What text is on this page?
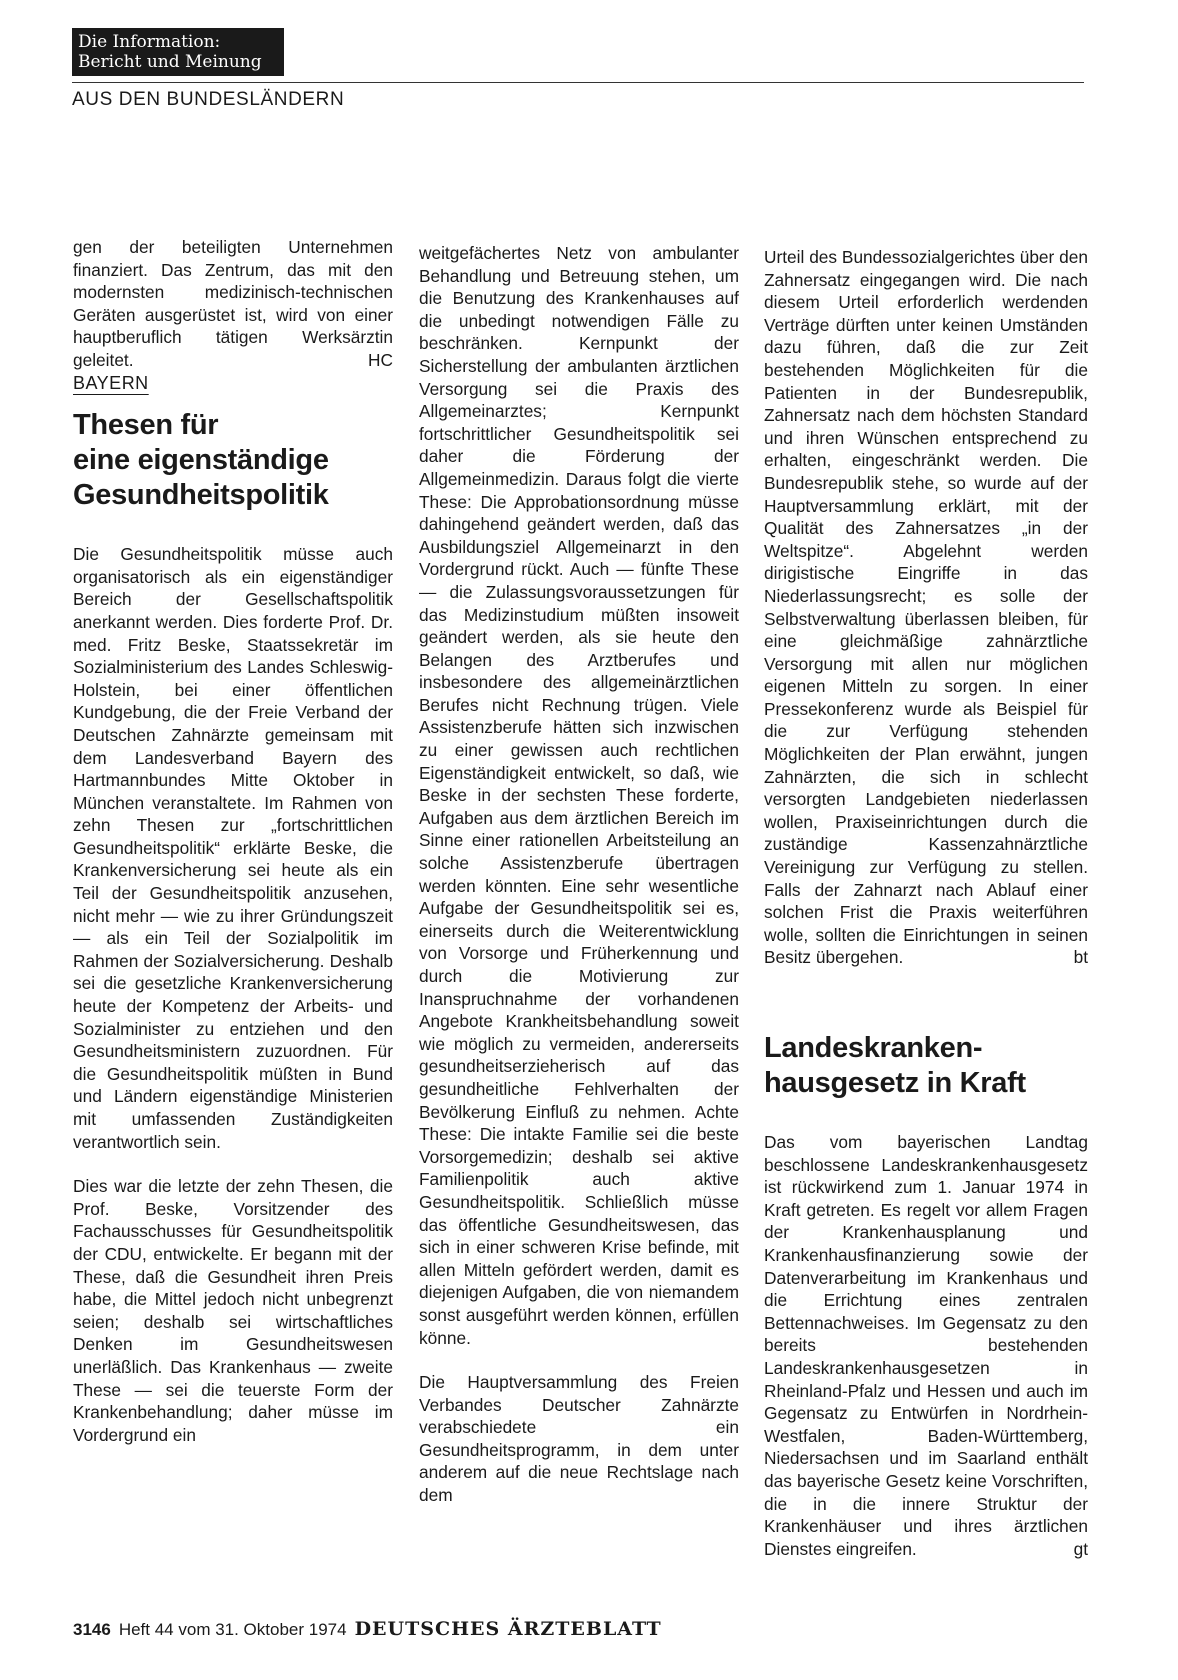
Die Information:
Bericht und Meinung
AUS DEN BUNDESLÄNDERN

gen der beteiligten Unternehmen finanziert. Das Zentrum, das mit den modernsten medizinisch-technischen Geräten ausgerüstet ist, wird von einer hauptberuflich tätigen Werksärztin geleitet.	HC

BAYERN

Thesen für
eine eigenständige
Gesundheitspolitik

Die Gesundheitspolitik müsse auch organisatorisch als ein eigenständiger Bereich der Gesellschaftspolitik anerkannt werden. Dies forderte Prof. Dr. med. Fritz Beske, Staatssekretär im Sozialministerium des Landes Schleswig-Holstein, bei einer öffentlichen Kundgebung, die der Freie Verband der Deutschen Zahnärzte gemeinsam mit dem Landesverband Bayern des Hartmannbundes Mitte Oktober in München veranstaltete. Im Rahmen von zehn Thesen zur „fortschrittlichen Gesundheitspolitik“ erklärte Beske, die Krankenversicherung sei heute als ein Teil der Gesundheitspolitik anzusehen, nicht mehr — wie zu ihrer Gründungszeit — als ein Teil der Sozialpolitik im Rahmen der Sozialversicherung. Deshalb sei die gesetzliche Krankenversicherung heute der Kompetenz der Arbeits- und Sozialminister zu entziehen und den Gesundheitsministern zuzuordnen. Für die Gesundheitspolitik müßten in Bund und Ländern eigenständige Ministerien mit umfassenden Zuständigkeiten verantwortlich sein.

Dies war die letzte der zehn Thesen, die Prof. Beske, Vorsitzender des Fachausschusses für Gesundheitspolitik der CDU, entwickelte. Er begann mit der These, daß die Gesundheit ihren Preis habe, die Mittel jedoch nicht unbegrenzt seien; deshalb sei wirtschaftliches Denken im Gesundheitswesen unerläßlich. Das Krankenhaus — zweite These — sei die teuerste Form der Krankenbehandlung; daher müsse im Vordergrund ein

weitgefächertes Netz von ambulanter Behandlung und Betreuung stehen, um die Benutzung des Krankenhauses auf die unbedingt notwendigen Fälle zu beschränken. Kernpunkt der Sicherstellung der ambulanten ärztlichen Versorgung sei die Praxis des Allgemeinarztes; Kernpunkt fortschrittlicher Gesundheitspolitik sei daher die Förderung der Allgemeinmedizin. Daraus folgt die vierte These: Die Approbationsordnung müsse dahingehend geändert werden, daß das Ausbildungsziel Allgemeinarzt in den Vordergrund rückt. Auch — fünfte These — die Zulassungsvoraussetzungen für das Medizinstudium müßten insoweit geändert werden, als sie heute den Belangen des Arztberufes und insbesondere des allgemeinärztlichen Berufes nicht Rechnung trügen. Viele Assistenzberufe hätten sich inzwischen zu einer gewissen auch rechtlichen Eigenständigkeit entwickelt, so daß, wie Beske in der sechsten These forderte, Aufgaben aus dem ärztlichen Bereich im Sinne einer rationellen Arbeitsteilung an solche Assistenzberufe übertragen werden könnten. Eine sehr wesentliche Aufgabe der Gesundheitspolitik sei es, einerseits durch die Weiterentwicklung von Vorsorge und Früherkennung und durch die Motivierung zur Inanspruchnahme der vorhandenen Angebote Krankheitsbehandlung soweit wie möglich zu vermeiden, andererseits gesundheitserzieherisch auf das gesundheitliche Fehlverhalten der Bevölkerung Einfluß zu nehmen. Achte These: Die intakte Familie sei die beste Vorsorgemedizin; deshalb sei aktive Familienpolitik auch aktive Gesundheitspolitik. Schließlich müsse das öffentliche Gesundheitswesen, das sich in einer schweren Krise befinde, mit allen Mitteln gefördert werden, damit es diejenigen Aufgaben, die von niemandem sonst ausgeführt werden können, erfüllen könne.

Die Hauptversammlung des Freien Verbandes Deutscher Zahnärzte verabschiedete ein Gesundheitsprogramm, in dem unter anderem auf die neue Rechtslage nach dem

Urteil des Bundessozialgerichtes über den Zahnersatz eingegangen wird. Die nach diesem Urteil erforderlich werdenden Verträge dürften unter keinen Umständen dazu führen, daß die zur Zeit bestehenden Möglichkeiten für die Patienten in der Bundesrepublik, Zahnersatz nach dem höchsten Standard und ihren Wünschen entsprechend zu erhalten, eingeschränkt werden. Die Bundesrepublik stehe, so wurde auf der Hauptversammlung erklärt, mit der Qualität des Zahnersatzes „in der Weltspitze“. Abgelehnt werden dirigistische Eingriffe in das Niederlassungsrecht; es solle der Selbstverwaltung überlassen bleiben, für eine gleichmäßige zahnärztliche Versorgung mit allen nur möglichen eigenen Mitteln zu sorgen. In einer Pressekonferenz wurde als Beispiel für die zur Verfügung stehenden Möglichkeiten der Plan erwähnt, jungen Zahnärzten, die sich in schlecht versorgten Landgebieten niederlassen wollen, Praxiseinrichtungen durch die zuständige Kassenzahnärztliche Vereinigung zur Verfügung zu stellen. Falls der Zahnarzt nach Ablauf einer solchen Frist die Praxis weiterführen wolle, sollten die Einrichtungen in seinen Besitz übergehen.	bt

Landeskranken-
hausgesetz in Kraft

Das vom bayerischen Landtag beschlossene Landeskrankenhausgesetz ist rückwirkend zum 1. Januar 1974 in Kraft getreten. Es regelt vor allem Fragen der Krankenhausplanung und Krankenhausfinanzierung sowie der Datenverarbeitung im Krankenhaus und die Errichtung eines zentralen Bettennachweises. Im Gegensatz zu den bereits bestehenden Landeskrankenhausgesetzen in Rheinland-Pfalz und Hessen und auch im Gegensatz zu Entwürfen in Nordrhein-Westfalen, Baden-Württemberg, Niedersachsen und im Saarland enthält das bayerische Gesetz keine Vorschriften, die in die innere Struktur der Krankenhäuser und ihres ärztlichen Dienstes eingreifen.	gt

3146 Heft 44 vom 31. Oktober 1974 DEUTSCHES ÄRZTEBLATT
